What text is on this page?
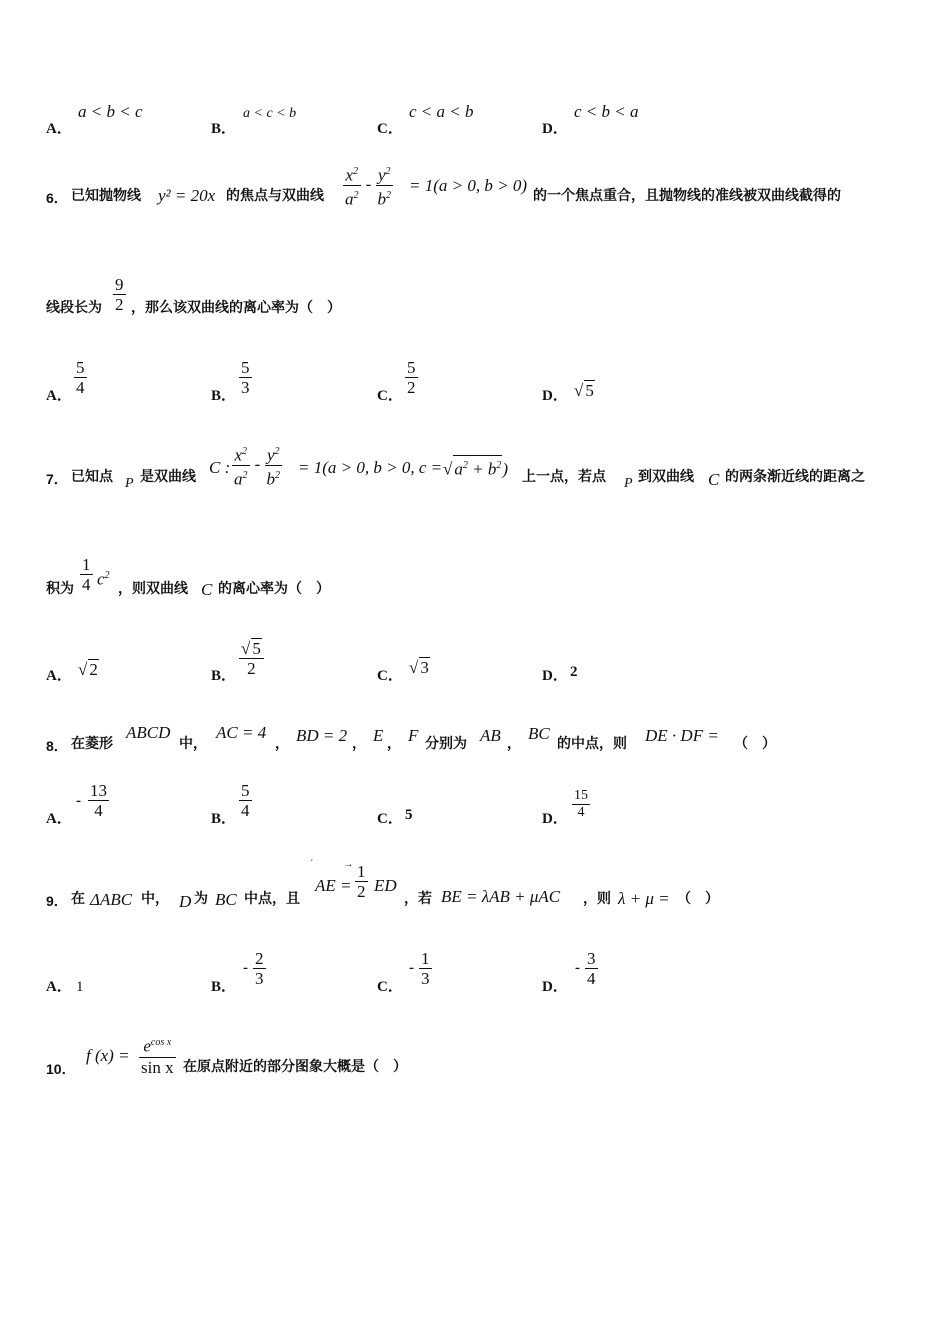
A．
a < b < c
B．
a < c < b
C．
c < a < b
D．
c < b < a
6． 已知抛物线 y² = 20x 的焦点与双曲线 $\frac{x^2}{a^2} - \frac{y^2}{b^2} = 1(a > 0$, b > 0)
的一个焦点重合，且抛物线的准线被双曲线截得的
线段长为
9
2 ，那么该双曲线的离心率为（　）
A．
5
4	B．
5
3	C．
5
2	D． √ 5
7． 已知点 P 是双曲线 C : $\frac{x^2}{a^2} - \frac{y^2}{b^2} = 1(a > 0$, b > 0, c = √ $a^2 + b^2$) 上一点，若点 P 到双曲线 C 的两条渐近线的距离之
积为
1
4 $c^2$
，则双曲线 C 的离心率为（　）
A． √ 2	B．
√ 5
2	C． √ 3	D． 2
8． 在菱形
ABCD
中，
AC = 4
， BD = 2 ， E ， F 分别为 AB ，
BC
的中点，则 DE · DF = （　）
A．
-
13
4	B．
5
4	C． 5	D．
15
4
9． 在 ΔABC 中， D 为 BC 中点，且
ˊ　　　→
AE =
1
2 ED
，若 BE = λAB + μAC ，则 λ + μ = （　）
A． 1	B．
- 2
3	C．
- 1
3	D．
- 3
4
10．
f $(x) = e^{cos x}$
sin x 在原点附近的部分图象大概是（　）
